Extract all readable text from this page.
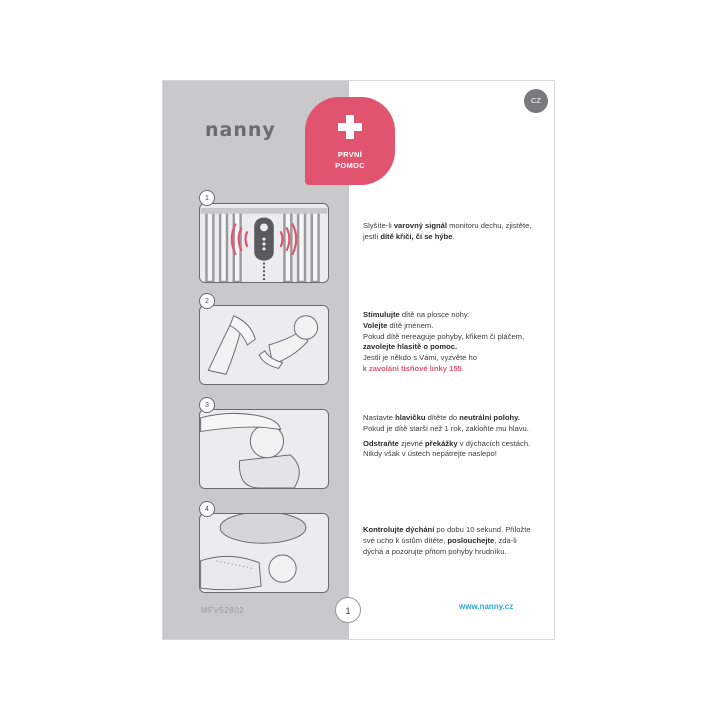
nanny
PRVNÍ
POMOC
CZ
1

Slyšíte-li varovný signál monitoru dechu, zjistěte, jestli dítě křičí, či se hýbe.

2

Stimulujte dítě na plosce nohy.
Volejte dítě jménem.
Pokud dítě nereaguje pohyby, křikem či pláčem, zavolejte hlasitě o pomoc.
Jestli je někdo s Vámi, vyzvěte ho
k zavolání tísňové linky 155.

3

Nastavte hlavičku dítěte do neutrální polohy. Pokud je dítě starší než 1 rok, zakloňte mu hlavu.

Odstraňte zjevné překážky v dýchacích cestách. Nikdy však v ústech nepátrejte naslepo!

4

Kontrolujte dýchání po dobu 10 sekund. Přiložte své ucho k ústům dítěte, poslouchejte, zda-li dýchá a pozorujte přitom pohyby hrudníku.

MFV52802	1	www.nanny.cz
